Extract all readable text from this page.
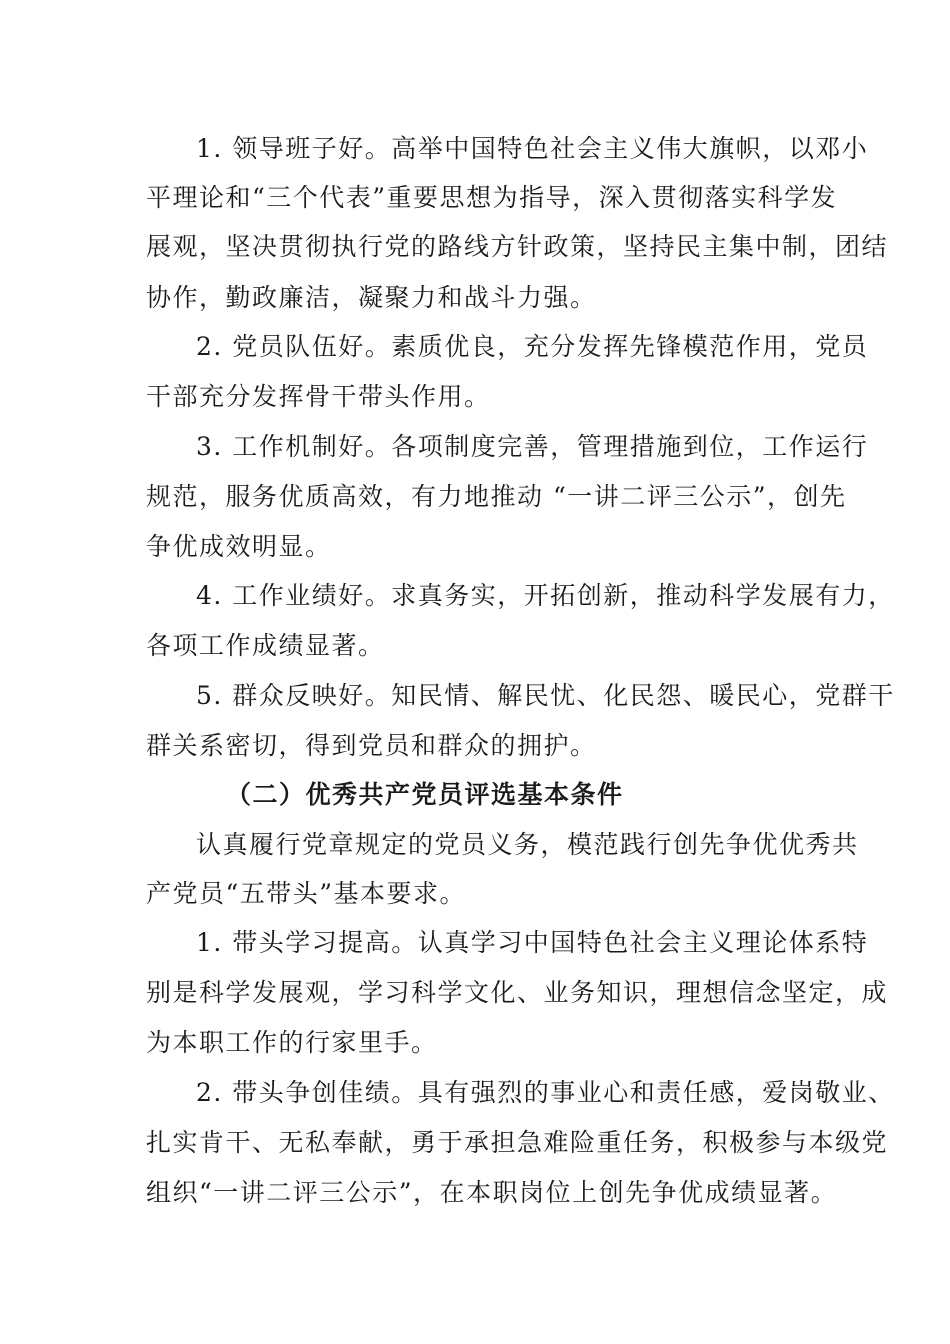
1. 领导班子好。高举中国特色社会主义伟大旗帜，以邓小
平理论和“三个代表”重要思想为指导，深入贯彻落实科学发
展观，坚决贯彻执行党的路线方针政策，坚持民主集中制，团结
协作，勤政廉洁，凝聚力和战斗力强。
2. 党员队伍好。素质优良，充分发挥先锋模范作用，党员
干部充分发挥骨干带头作用。
3. 工作机制好。各项制度完善，管理措施到位，工作运行
规范，服务优质高效，有力地推动 “一讲二评三公示”，创先
争优成效明显。
4. 工作业绩好。求真务实，开拓创新，推动科学发展有力，
各项工作成绩显著。
5. 群众反映好。知民情、解民忧、化民怨、暖民心，党群干
群关系密切，得到党员和群众的拥护。
（二）优秀共产党员评选基本条件
认真履行党章规定的党员义务，模范践行创先争优优秀共
产党员“五带头”基本要求。
1. 带头学习提高。认真学习中国特色社会主义理论体系特
别是科学发展观，学习科学文化、业务知识，理想信念坚定，成
为本职工作的行家里手。
2. 带头争创佳绩。具有强烈的事业心和责任感，爱岗敬业、
扎实肯干、无私奉献，勇于承担急难险重任务，积极参与本级党
组织“一讲二评三公示”，在本职岗位上创先争优成绩显著。
